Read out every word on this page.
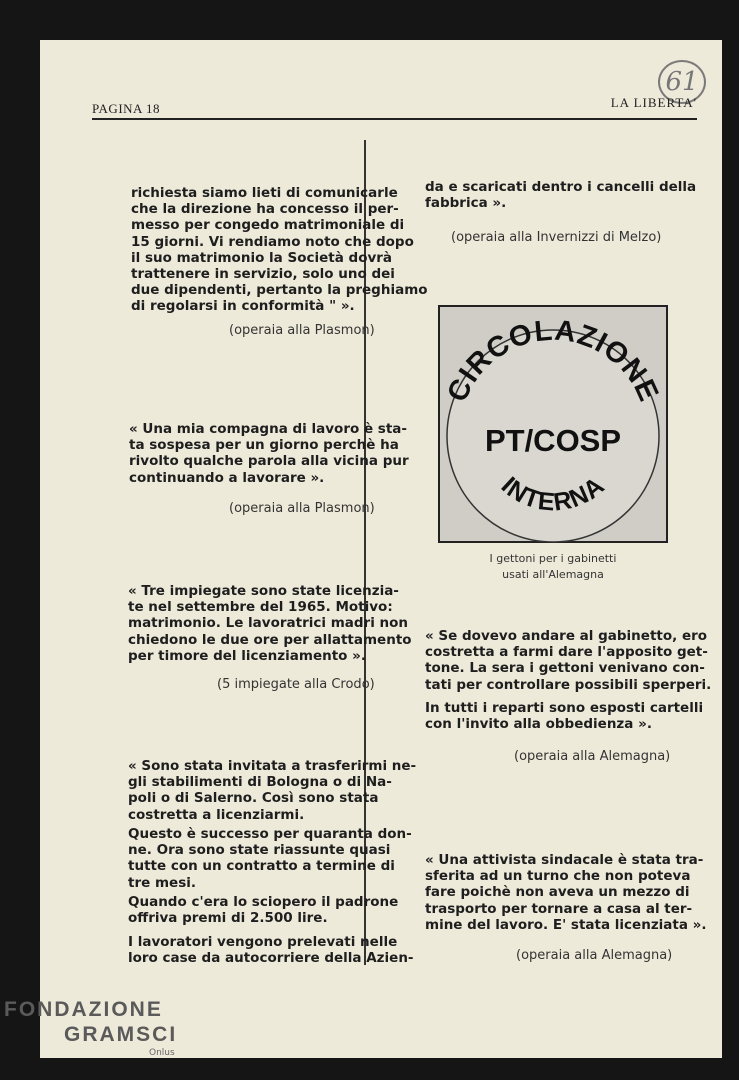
61
PAGINA 18	LA LIBERTA'

richiesta siamo lieti di comunicarle
che la direzione ha concesso il per-
messo per congedo matrimoniale di
15 giorni. Vi rendiamo noto che dopo
il suo matrimonio la Società dovrà
trattenere in servizio, solo uno dei
due dipendenti, pertanto la preghiamo
di regolarsi in conformità " ».

(operaia alla Plasmon)

« Una mia compagna di lavoro è sta-
ta sospesa per un giorno perchè ha
rivolto qualche parola alla vicina pur
continuando a lavorare ».

(operaia alla Plasmon)

« Tre impiegate sono state licenzia-
te nel settembre del 1965. Motivo:
matrimonio. Le lavoratrici madri non
chiedono le due ore per allattamento
per timore del licenziamento ».

(5 impiegate alla Crodo)

« Sono stata invitata a trasferirmi ne-
gli stabilimenti di Bologna o di Na-
poli o di Salerno. Così sono stata
costretta a licenziarmi.

Questo è successo per quaranta don-
ne. Ora sono state riassunte quasi
tutte con un contratto a termine di
tre mesi.

Quando c'era lo sciopero il padrone
offriva premi di 2.500 lire.

I lavoratori vengono prelevati nelle
loro case da autocorriere della Azien-

da e scaricati dentro i cancelli della
fabbrica ».

(operaia alla Invernizzi di Melzo)

CIRCOLAZIONE
PT/COSP
INTERNA
I gettoni per i gabinetti
usati all'Alemagna

« Se dovevo andare al gabinetto, ero
costretta a farmi dare l'apposito get-
tone. La sera i gettoni venivano con-
tati per controllare possibili sperperi.

In tutti i reparti sono esposti cartelli
con l'invito alla obbedienza ».

(operaia alla Alemagna)

« Una attivista sindacale è stata tra-
sferita ad un turno che non poteva
fare poichè non aveva un mezzo di
trasporto per tornare a casa al ter-
mine del lavoro. E' stata licenziata ».

(operaia alla Alemagna)

FONDAZIONE
GRAMSCI
Onlus
